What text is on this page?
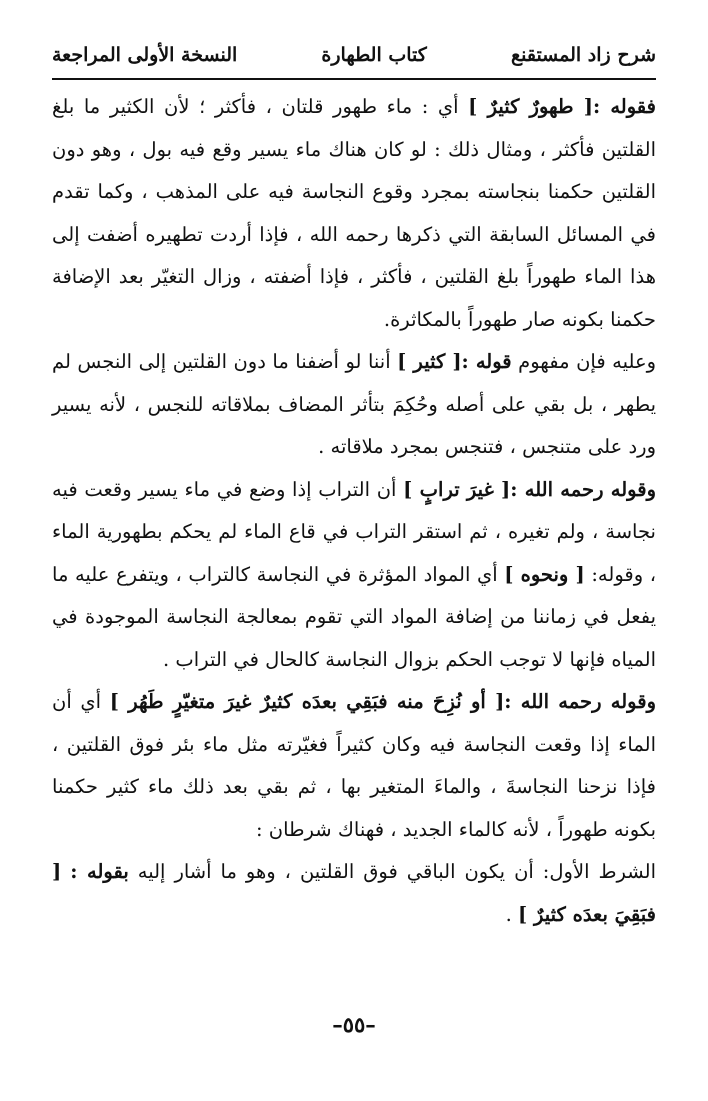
شرح زاد المستقنع
كتاب الطهارة
النسخة الأولى المراجعة

فقوله :[ طهورٌ كثيرٌ ] أي : ماء طهور قلتان ، فأكثر ؛ لأن الكثير ما بلغ القلتين فأكثر ، ومثال ذلك : لو كان هناك ماء يسير وقع فيه بول ، وهو دون القلتين حكمنا بنجاسته بمجرد وقوع النجاسة فيه على المذهب ، وكما تقدم في المسائل السابقة التي ذكرها رحمه الله ، فإذا أردت تطهيره أضفت إلى هذا الماء طهوراً بلغ القلتين ، فأكثر ، فإذا أضفته ، وزال التغيّر بعد الإضافة حكمنا بكونه صار طهوراً بالمكاثرة.

وعليه فإن مفهوم قوله :[ كثير ] أننا لو أضفنا ما دون القلتين إلى النجس لم يطهر ، بل بقي على أصله وحُكِمَ بتأثر المضاف بملاقاته للنجس ، لأنه يسير ورد على متنجس ، فتنجس بمجرد ملاقاته .

وقوله رحمه الله :[ غيرَ ترابٍ ] أن التراب إذا وضع في ماء يسير وقعت فيه نجاسة ، ولم تغيره ، ثم استقر التراب في قاع الماء لم يحكم بطهورية الماء ، وقوله: [ ونحوه ] أي المواد المؤثرة في النجاسة كالتراب ، ويتفرع عليه ما يفعل في زماننا من إضافة المواد التي تقوم بمعالجة النجاسة الموجودة في المياه فإنها لا توجب الحكم بزوال النجاسة كالحال في التراب .

وقوله رحمه الله :[ أو نُزِحَ منه فبَقِي بعدَه كثيرٌ غيرَ متغيّرٍ طَهُر ] أي أن الماء إذا وقعت النجاسة فيه وكان كثيراً فغيّرته مثل ماء بئر فوق القلتين ، فإذا نزحنا النجاسةَ ، والماءَ المتغير بها ، ثم بقي بعد ذلك ماء كثير حكمنا بكونه طهوراً ، لأنه كالماء الجديد ، فهناك شرطان :

الشرط الأول: أن يكون الباقي فوق القلتين ، وهو ما أشار إليه بقوله : [ فبَقِيَ بعدَه كثيرٌ ] .

–٥٥–
